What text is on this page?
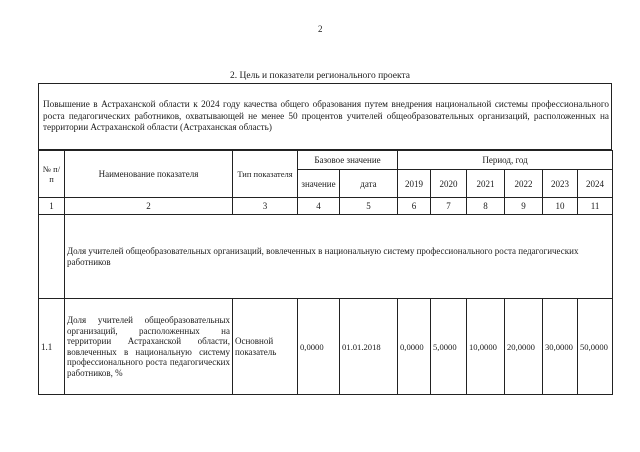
2
2. Цель и показатели регионального проекта
Повышение в Астраханской области к 2024 году качества общего образования путем внедрения национальной системы профессионального роста педагогических работников, охватывающей не менее 50 процентов учителей общеобразовательных организаций, расположенных на территории Астраханской области (Астраханская область)
№ п/п	Наименование показателя	Тип показателя	Базовое значение		Период, год					
			значение	дата	2019	2020	2021	2022	2023	2024
1	2	3	4	5	6	7	8	9	10	11
	Доля учителей общеобразовательных организаций, вовлеченных в национальную систему профессионального роста педагогических работников									
1.1	Доля учителей общеобразовательных организаций, расположенных на территории Астраханской области, вовлеченных в национальную систему профессионального роста педагогических работников, %	Основной показатель	0,0000	01.01.2018	0,0000	5,0000	10,0000	20,0000	30,0000	50,0000
